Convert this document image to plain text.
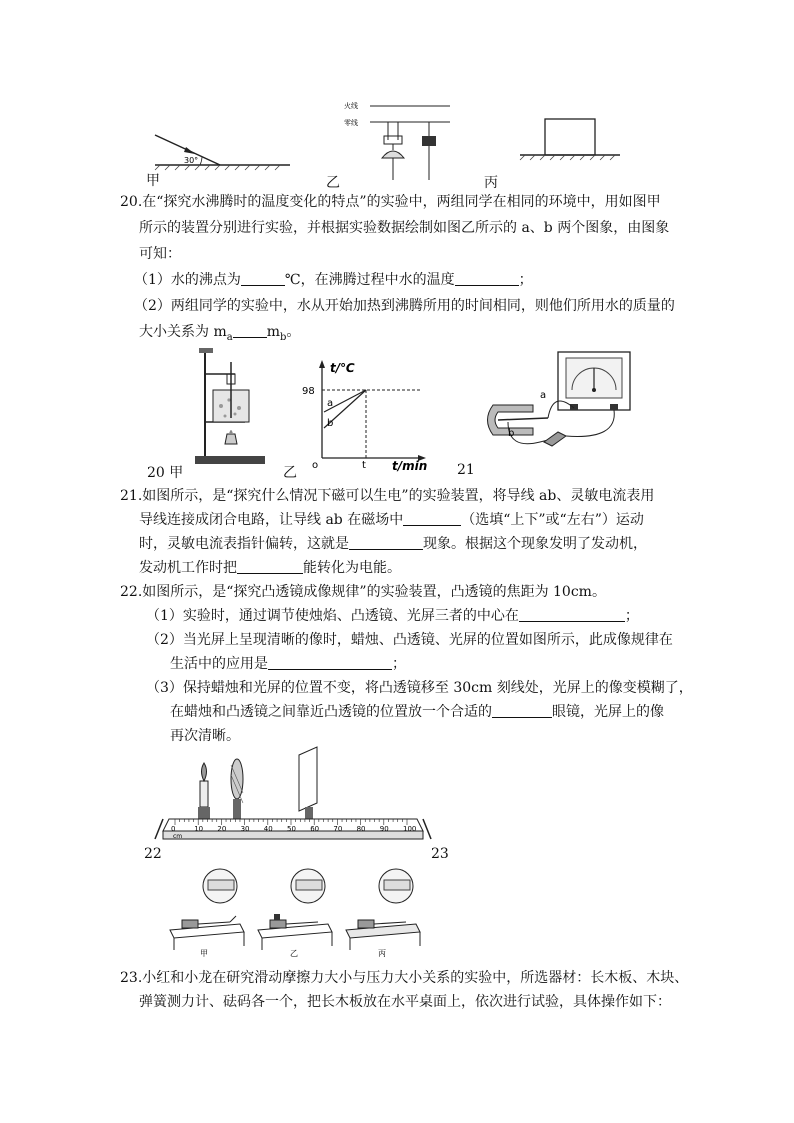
30°
甲
火线
零线
乙	丙
20.在“探究水沸腾时的温度变化的特点”的实验中，两组同学在相同的环境中，用如图甲
所示的装置分别进行实验，并根据实验数据绘制如图乙所示的 a、b 两个图象，由图象
可知：
（1）水的沸点为	℃，在沸腾过程中水的温度	；
（2）两组同学的实验中，水从开始加热到沸腾所用的时间相同，则他们所用水的质量的
大小关系为 $m_a$ $m_b$。
20 甲	乙
t/℃
98
a
b
o	t t/min
a
b
21
21.如图所示，是“探究什么情况下磁可以生电”的实验装置，将导线 ab、灵敏电流表用
导线连接成闭合电路，让导线 ab 在磁场中	（选填“上下”或“左右”）运动
时，灵敏电流表指针偏转，这就是	现象。根据这个现象发明了发动机，
发动机工作时把	能转化为电能。
22.如图所示，是“探究凸透镜成像规律”的实验装置，凸透镜的焦距为 10cm。
（1）实验时，通过调节使烛焰、凸透镜、光屏三者的中心在	；
（2）当光屏上呈现清晰的像时，蜡烛、凸透镜、光屏的位置如图所示，此成像规律在
生活中的应用是	；
（3）保持蜡烛和光屏的位置不变，将凸透镜移至 30cm 刻线处，光屏上的像变模糊了，
在蜡烛和凸透镜之间靠近凸透镜的位置放一个合适的	眼镜，光屏上的像
再次清晰。
0	10 20 30 40 50 60 70 80 90 100
cm
22	23
甲	乙	丙
23.小红和小龙在研究滑动摩擦力大小与压力大小关系的实验中，所选器材：长木板、木块、
弹簧测力计、砝码各一个，把长木板放在水平桌面上，依次进行试验，具体操作如下：
